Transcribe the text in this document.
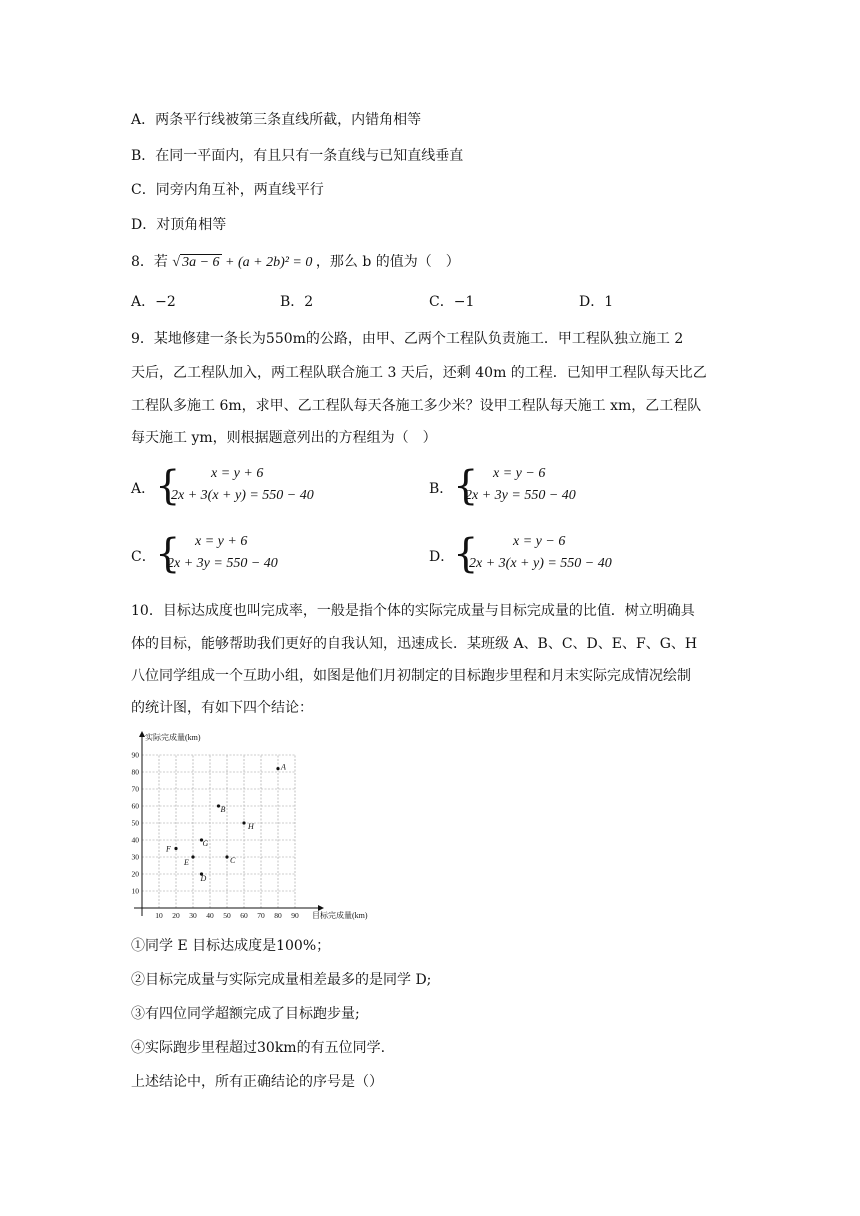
A．两条平行线被第三条直线所截，内错角相等
B．在同一平面内，有且只有一条直线与已知直线垂直
C．同旁内角互补，两直线平行
D．对顶角相等
8．若 √ 3a − 6 + (a + 2b)² = 0 ，那么 b 的值为（　）
A．−2	B．2	C．−1	D．1
9．某地修建一条长为550m的公路，由甲、乙两个工程队负责施工．甲工程队独立施工 2
天后，乙工程队加入，两工程队联合施工 3 天后，还剩 40m 的工程．已知甲工程队每天比乙
工程队多施工 6m，求甲、乙工程队每天各施工多少米？设甲工程队每天施工 xm，乙工程队
每天施工 ym，则根据题意列出的方程组为（　）
A． { x = y + 6
2x + 3(x + y) = 550 − 40	B． { x = y − 6
2x + 3y = 550 − 40
C． { x = y + 6
2x + 3y = 550 − 40	D．
{ x = y − 6
2x + 3(x + y) = 550 − 40
10．目标达成度也叫完成率，一般是指个体的实际完成量与目标完成量的比值．树立明确具
体的目标，能够帮助我们更好的自我认知，迅速成长．某班级 A、B、C、D、E、F、G、H
八位同学组成一个互助小组，如图是他们月初制定的目标跑步里程和月末实际完成情况绘制
的统计图，有如下四个结论：
10 20 30 40 50 60 70 80 90
10
20
30
40
50
60
70
80
90
A
B
C
D
E
F
G
H
实际完成量(km)
目标完成量(km)
①同学 E 目标达成度是100%；
②目标完成量与实际完成量相差最多的是同学 D;
③有四位同学超额完成了目标跑步量;
④实际跑步里程超过30km的有五位同学.
上述结论中，所有正确结论的序号是（）
